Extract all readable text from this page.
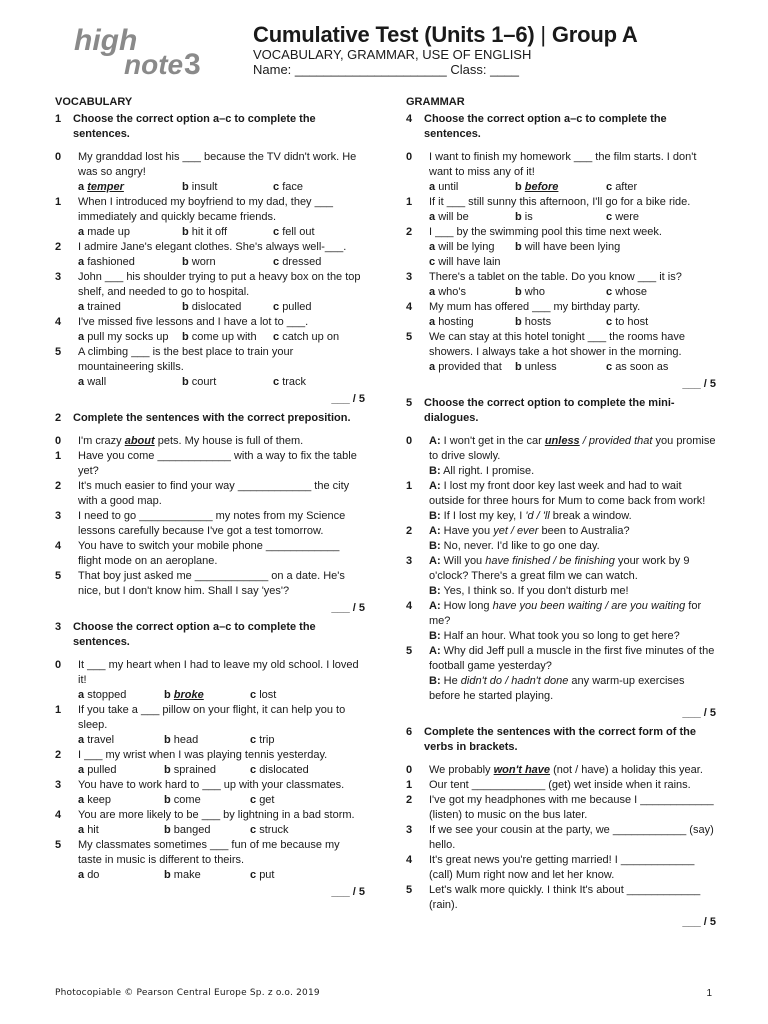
high
note 3
Cumulative Test (Units 1–6) | Group A
VOCABULARY, GRAMMAR, USE OF ENGLISH
Name: _____________________ Class: ____
VOCABULARY
1	Choose the correct option a–c to complete the sentences.
0	My granddad lost his ___ because the TV didn't work. He was so angry!
a temper	b insult	c face
1	When I introduced my boyfriend to my dad, they ___ immediately and quickly became friends.
a made up	b hit it off	c fell out
2	I admire Jane's elegant clothes. She's always well-___.
a fashioned	b worn	c dressed
3	John ___ his shoulder trying to put a heavy box on the top shelf, and needed to go to hospital.
a trained	b dislocated	c pulled
4	I've missed five lessons and I have a lot to ___.
a pull my socks up	b come up with	c catch up on
5	A climbing ___ is the best place to train your mountaineering skills.
a wall	b court	c track
___ / 5
2	Complete the sentences with the correct preposition.
0	I'm crazy about pets. My house is full of them.
1	Have you come ____________ with a way to fix the table yet?
2	It's much easier to find your way ____________ the city with a good map.
3	I need to go ____________ my notes from my Science lessons carefully because I've got a test tomorrow.
4	You have to switch your mobile phone ____________ flight mode on an aeroplane.
5	That boy just asked me ____________ on a date. He's nice, but I don't know him. Shall I say 'yes'?
___ / 5
3	Choose the correct option a–c to complete the sentences.
0	It ___ my heart when I had to leave my old school. I loved it!
a stopped	b broke	c lost
1	If you take a ___ pillow on your flight, it can help you to sleep.
a travel	b head	c trip
2	I ___ my wrist when I was playing tennis yesterday.
a pulled	b sprained	c dislocated
3	You have to work hard to ___ up with your classmates.
a keep	b come	c get
4	You are more likely to be ___ by lightning in a bad storm.
a hit	b banged	c struck
5	My classmates sometimes ___ fun of me because my taste in music is different to theirs.
a do	b make	c put
___ / 5
GRAMMAR
4	Choose the correct option a–c to complete the sentences.
0	I want to finish my homework ___ the film starts. I don't want to miss any of it!
a until	b before	c after
1	If it ___ still sunny this afternoon, I'll go for a bike ride.
a will be	b is	c were
2	I ___ by the swimming pool this time next week.
a will be lying	b will have been lying
c will have lain
3	There's a tablet on the table. Do you know ___ it is?
a who's	b who	c whose
4	My mum has offered ___ my birthday party.
a hosting	b hosts	c to host
5	We can stay at this hotel tonight ___ the rooms have showers. I always take a hot shower in the morning.
a provided that	b unless	c as soon as
___ / 5
5	Choose the correct option to complete the mini-dialogues.
0	A: I won't get in the car unless / provided that you promise to drive slowly.
B: All right. I promise.
1	A: I lost my front door key last week and had to wait outside for three hours for Mum to come back from work!
B: If I lost my key, I 'd / 'll break a window.
2	A: Have you yet / ever been to Australia?
B: No, never. I'd like to go one day.
3	A: Will you have finished / be finishing your work by 9 o'clock? There's a great film we can watch.
B: Yes, I think so. If you don't disturb me!
4	A: How long have you been waiting / are you waiting for me?
B: Half an hour. What took you so long to get here?
5	A: Why did Jeff pull a muscle in the first five minutes of the football game yesterday?
B: He didn't do / hadn't done any warm-up exercises before he started playing.
___ / 5
6	Complete the sentences with the correct form of the verbs in brackets.
0	We probably won't have (not / have) a holiday this year.
1	Our tent ____________ (get) wet inside when it rains.
2	I've got my headphones with me because I ____________ (listen) to music on the bus later.
3	If we see your cousin at the party, we ____________ (say) hello.
4	It's great news you're getting married! I ____________ (call) Mum right now and let her know.
5	Let's walk more quickly. I think It's about ____________ (rain).
___ / 5
Photocopiable © Pearson Central Europe Sp. z o.o. 2019	1
